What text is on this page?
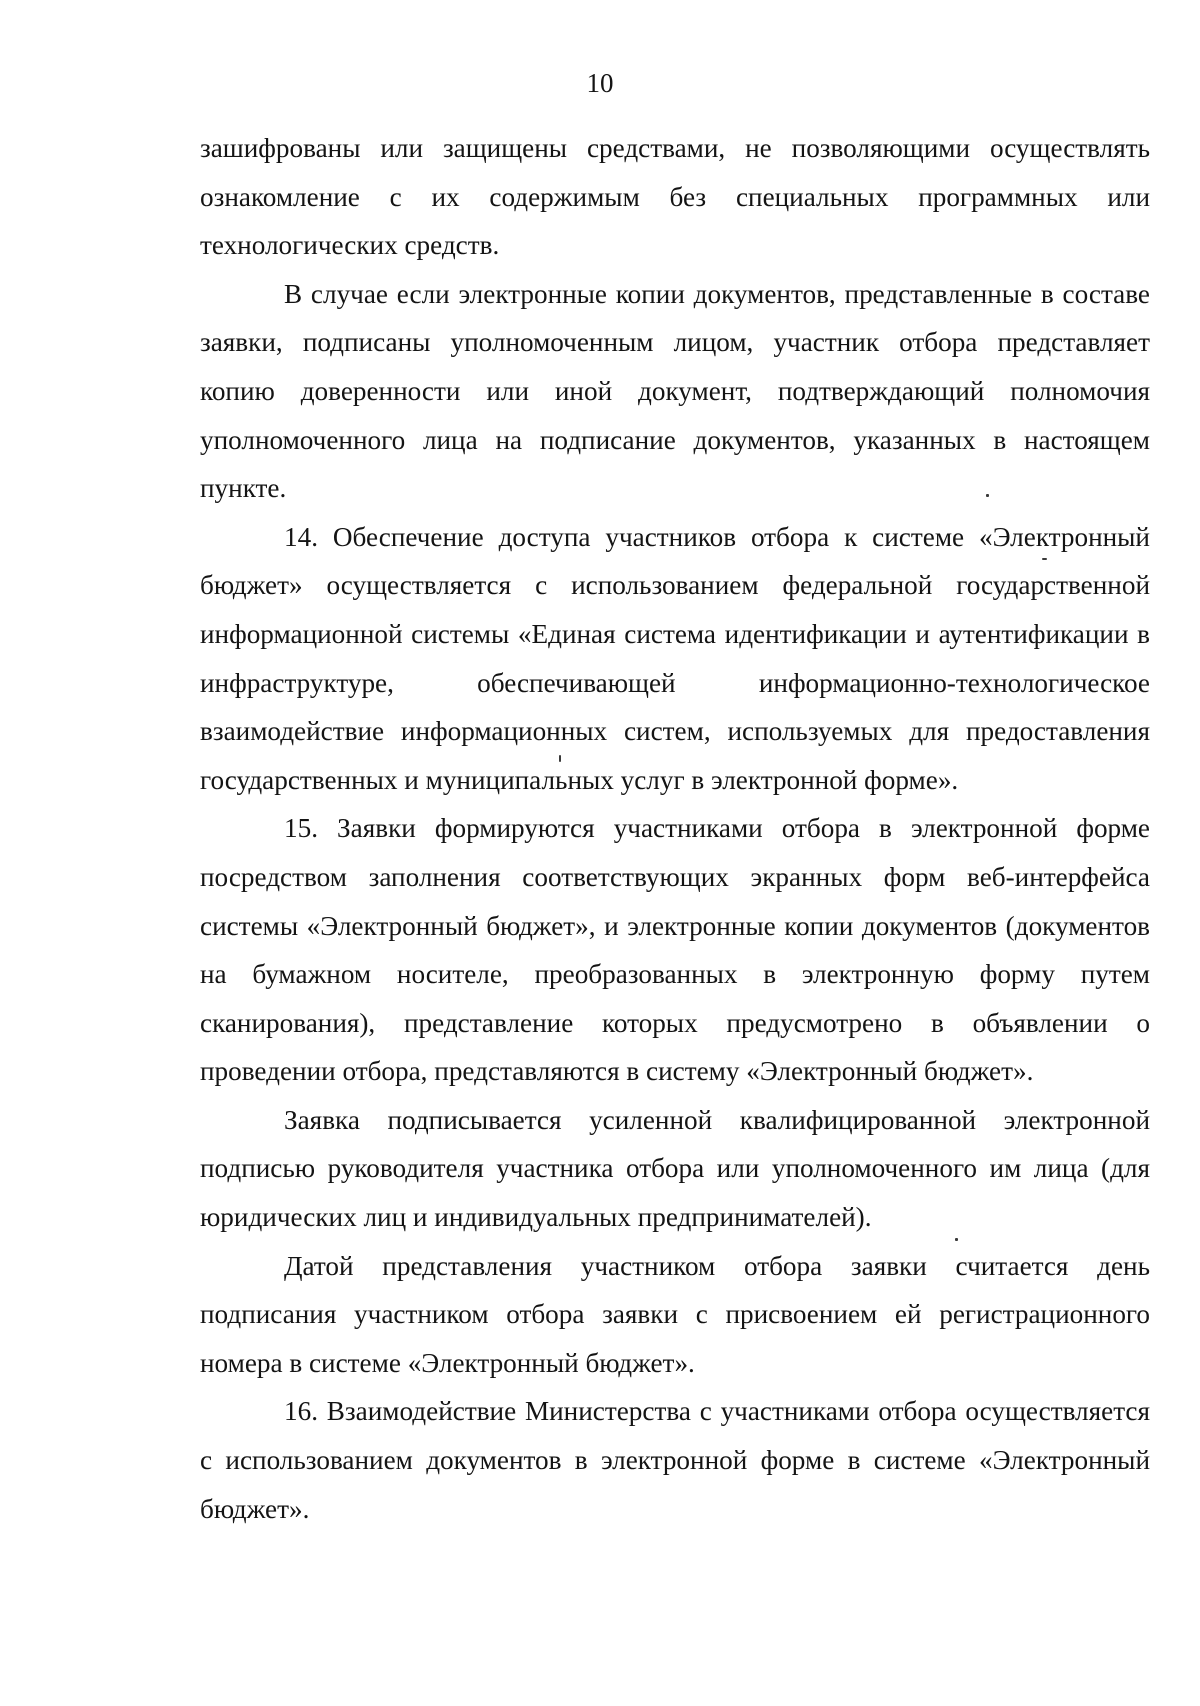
10

зашифрованы или защищены средствами, не позволяющими осуществлять ознакомление с их содержимым без специальных программных или технологических средств.

В случае если электронные копии документов, представленные в составе заявки, подписаны уполномоченным лицом, участник отбора представляет копию доверенности или иной документ, подтверждающий полномочия уполномоченного лица на подписание документов, указанных в настоящем пункте.

14. Обеспечение доступа участников отбора к системе «Электронный бюджет» осуществляется с использованием федеральной государственной информационной системы «Единая система идентификации и аутентификации в инфраструктуре, обеспечивающей информационно-технологическое взаимодействие информационных систем, используемых для предоставления государственных и муниципальных услуг в электронной форме».

15. Заявки формируются участниками отбора в электронной форме посредством заполнения соответствующих экранных форм веб-интерфейса системы «Электронный бюджет», и электронные копии документов (документов на бумажном носителе, преобразованных в электронную форму путем сканирования), представление которых предусмотрено в объявлении о проведении отбора, представляются в систему «Электронный бюджет».

Заявка подписывается усиленной квалифицированной электронной подписью руководителя участника отбора или уполномоченного им лица (для юридических лиц и индивидуальных предпринимателей).

Датой представления участником отбора заявки считается день подписания участником отбора заявки с присвоением ей регистрационного номера в системе «Электронный бюджет».

16. Взаимодействие Министерства с участниками отбора осуществляется с использованием документов в электронной форме в системе «Электронный бюджет».
